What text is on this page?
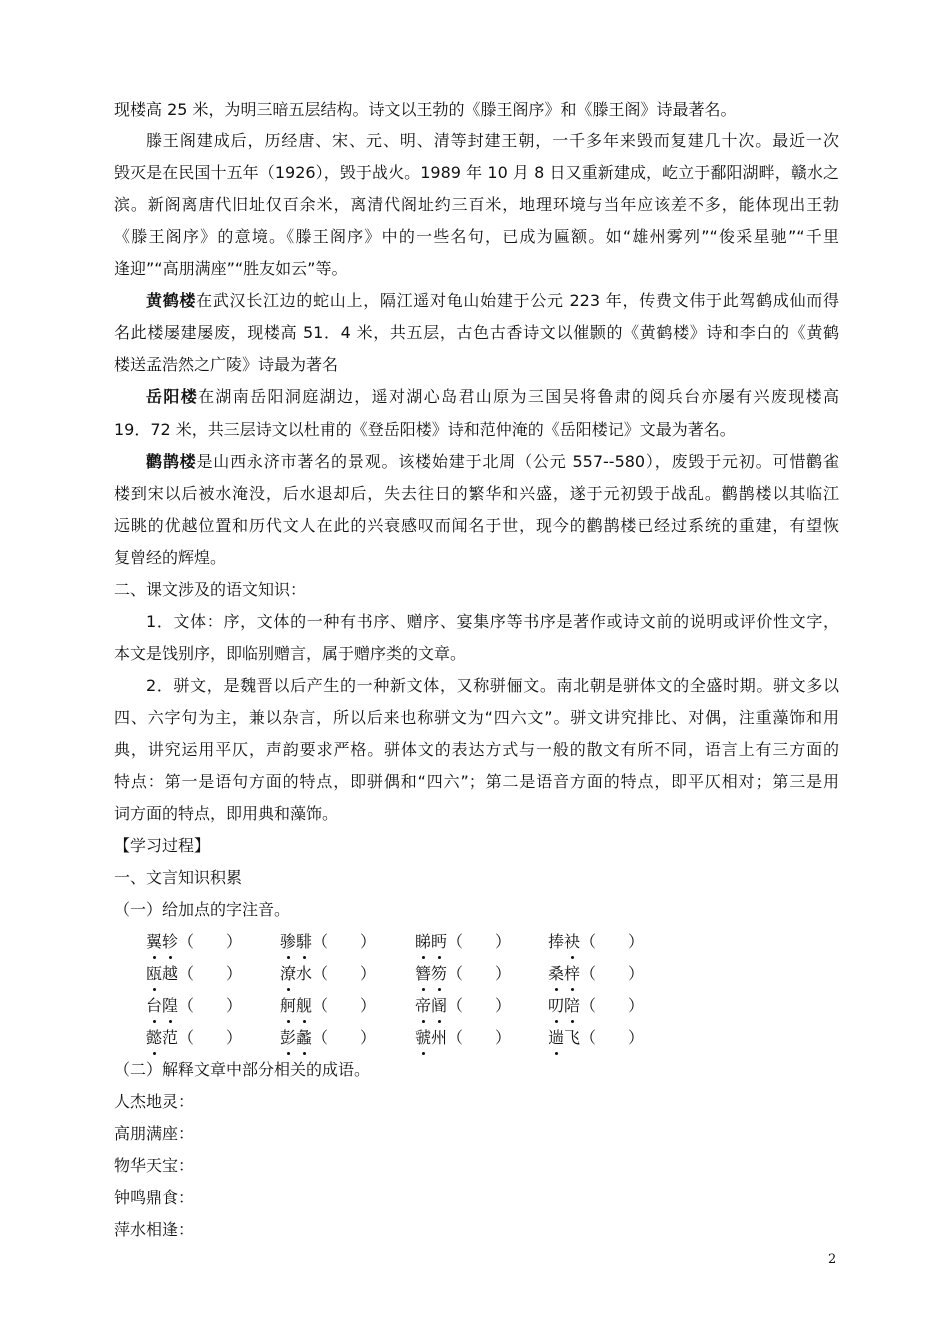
现楼高 25 米，为明三暗五层结构。诗文以王勃的《滕王阁序》和《滕王阁》诗最著名。
滕王阁建成后，历经唐、宋、元、明、清等封建王朝，一千多年来毁而复建几十次。最近一次
毁灭是在民国十五年（1926），毁于战火。1989 年 10 月 8 日又重新建成，屹立于鄱阳湖畔，赣水之
滨。新阁离唐代旧址仅百余米，离清代阁址约三百米，地理环境与当年应该差不多，能体现出王勃
《滕王阁序》的意境。《滕王阁序》中的一些名句，已成为匾额。如“雄州雾列”“俊采星驰”“千里
逢迎”“高朋满座”“胜友如云”等。
黄鹤楼在武汉长江边的蛇山上，隔江遥对龟山始建于公元 223 年，传费文伟于此驾鹤成仙而得
名此楼屡建屡废，现楼高 51．4 米，共五层，古色古香诗文以催颢的《黄鹤楼》诗和李白的《黄鹤
楼送孟浩然之广陵》诗最为著名
岳阳楼在湖南岳阳洞庭湖边，遥对湖心岛君山原为三国吴将鲁肃的阅兵台亦屡有兴废现楼高
19．72 米，共三层诗文以杜甫的《登岳阳楼》诗和范仲淹的《岳阳楼记》文最为著名。
鹳鹊楼是山西永济市著名的景观。该楼始建于北周（公元 557--580），废毁于元初。可惜鹳雀
楼到宋以后被水淹没，后水退却后，失去往日的繁华和兴盛，遂于元初毁于战乱。鹳鹊楼以其临江
远眺的优越位置和历代文人在此的兴衰感叹而闻名于世，现今的鹳鹊楼已经过系统的重建，有望恢
复曾经的辉煌。
二、课文涉及的语文知识：
1．文体：序，文体的一种有书序、赠序、宴集序等书序是著作或诗文前的说明或评价性文字，
本文是饯别序，即临别赠言，属于赠序类的文章。
2．骈文，是魏晋以后产生的一种新文体，又称骈俪文。南北朝是骈体文的全盛时期。骈文多以
四、六字句为主，兼以杂言，所以后来也称骈文为“四六文”。骈文讲究排比、对偶，注重藻饰和用
典，讲究运用平仄，声韵要求严格。骈体文的表达方式与一般的散文有所不同，语言上有三方面的
特点：第一是语句方面的特点，即骈偶和“四六”；第二是语音方面的特点，即平仄相对；第三是用
词方面的特点，即用典和藻饰。
【学习过程】
一、文言知识积累
（一）给加点的字注音。
翼轸（　　） 骖騑（　　） 睇眄（　　） 捧袂（　　）
瓯越（　　） 潦水（　　） 簪笏（　　） 桑梓（　　）
台隍（　　） 舸舰（　　） 帝阍（　　） 叨陪（　　）
懿范（　　） 彭蠡（　　） 虢州（　　） 遄飞（　　）
（二）解释文章中部分相关的成语。
人杰地灵：
高朋满座：
物华天宝：
钟鸣鼎食：
萍水相逢：
2
